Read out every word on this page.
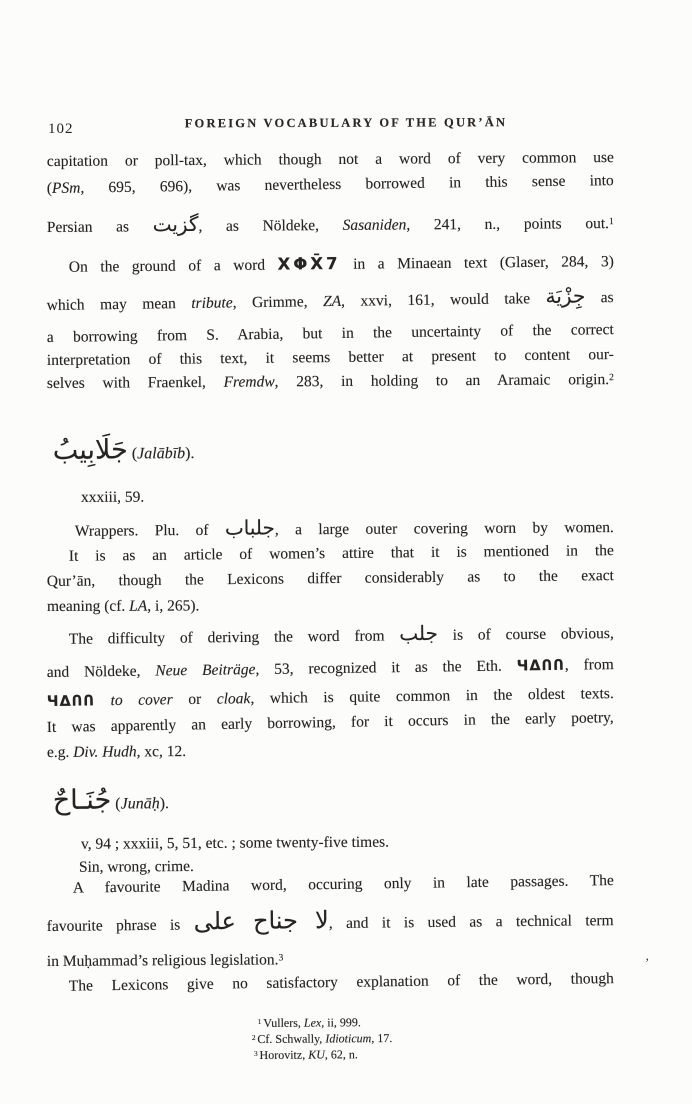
FOREIGN VOCABULARY OF THE QUR’ĀN
102
capitation or poll-tax, which though not a word of very common use
(PSm, 695, 696), was nevertheless borrowed in this sense into
Persian as گزيت, as Nöldeke, Sasaniden, 241, n., points out.$^1$
On the ground of a word XΦX̄7 in a Minaean text (Glaser, 284, 3)
which may mean tribute, Grimme, ZA, xxvi, 161, would take جِزْيَة as
a borrowing from S. Arabia, but in the uncertainty of the correct
interpretation of this text, it seems better at present to content our-
selves with Fraenkel, Fremdw, 283, in holding to an Aramaic origin.$^2$
جَلَابِيبُ (Jalābīb).
xxxiii, 59.
Wrappers. Plu. of جلباب, a large outer covering worn by women.
It is as an article of women’s attire that it is mentioned in the
Qur’ān, though the Lexicons differ considerably as to the exact
meaning (cf. LA, i, 265).
The difficulty of deriving the word from جلب is of course obvious,
and Nöldeke, Neue Beiträge, 53, recognized it as the Eth. ЧΔՈՈ, from
ЧΔՈՈ to cover or cloak, which is quite common in the oldest texts.
It was apparently an early borrowing, for it occurs in the early poetry,
e.g. Div. Hudh, xc, 12.
جُنَـاحٌ (Junāḥ).
v, 94 ; xxxiii, 5, 51, etc. ; some twenty-five times.
Sin, wrong, crime.
A favourite Madina word, occuring only in late passages. The
favourite phrase is لا جناح على, and it is used as a technical term
in Muḥammad’s religious legislation.$^3$
The Lexicons give no satisfactory explanation of the word, though
’
$^1$ Vullers, Lex, ii, 999.
$^2$ Cf. Schwally, Idioticum, 17.
$^3$ Horovitz, KU, 62, n.
